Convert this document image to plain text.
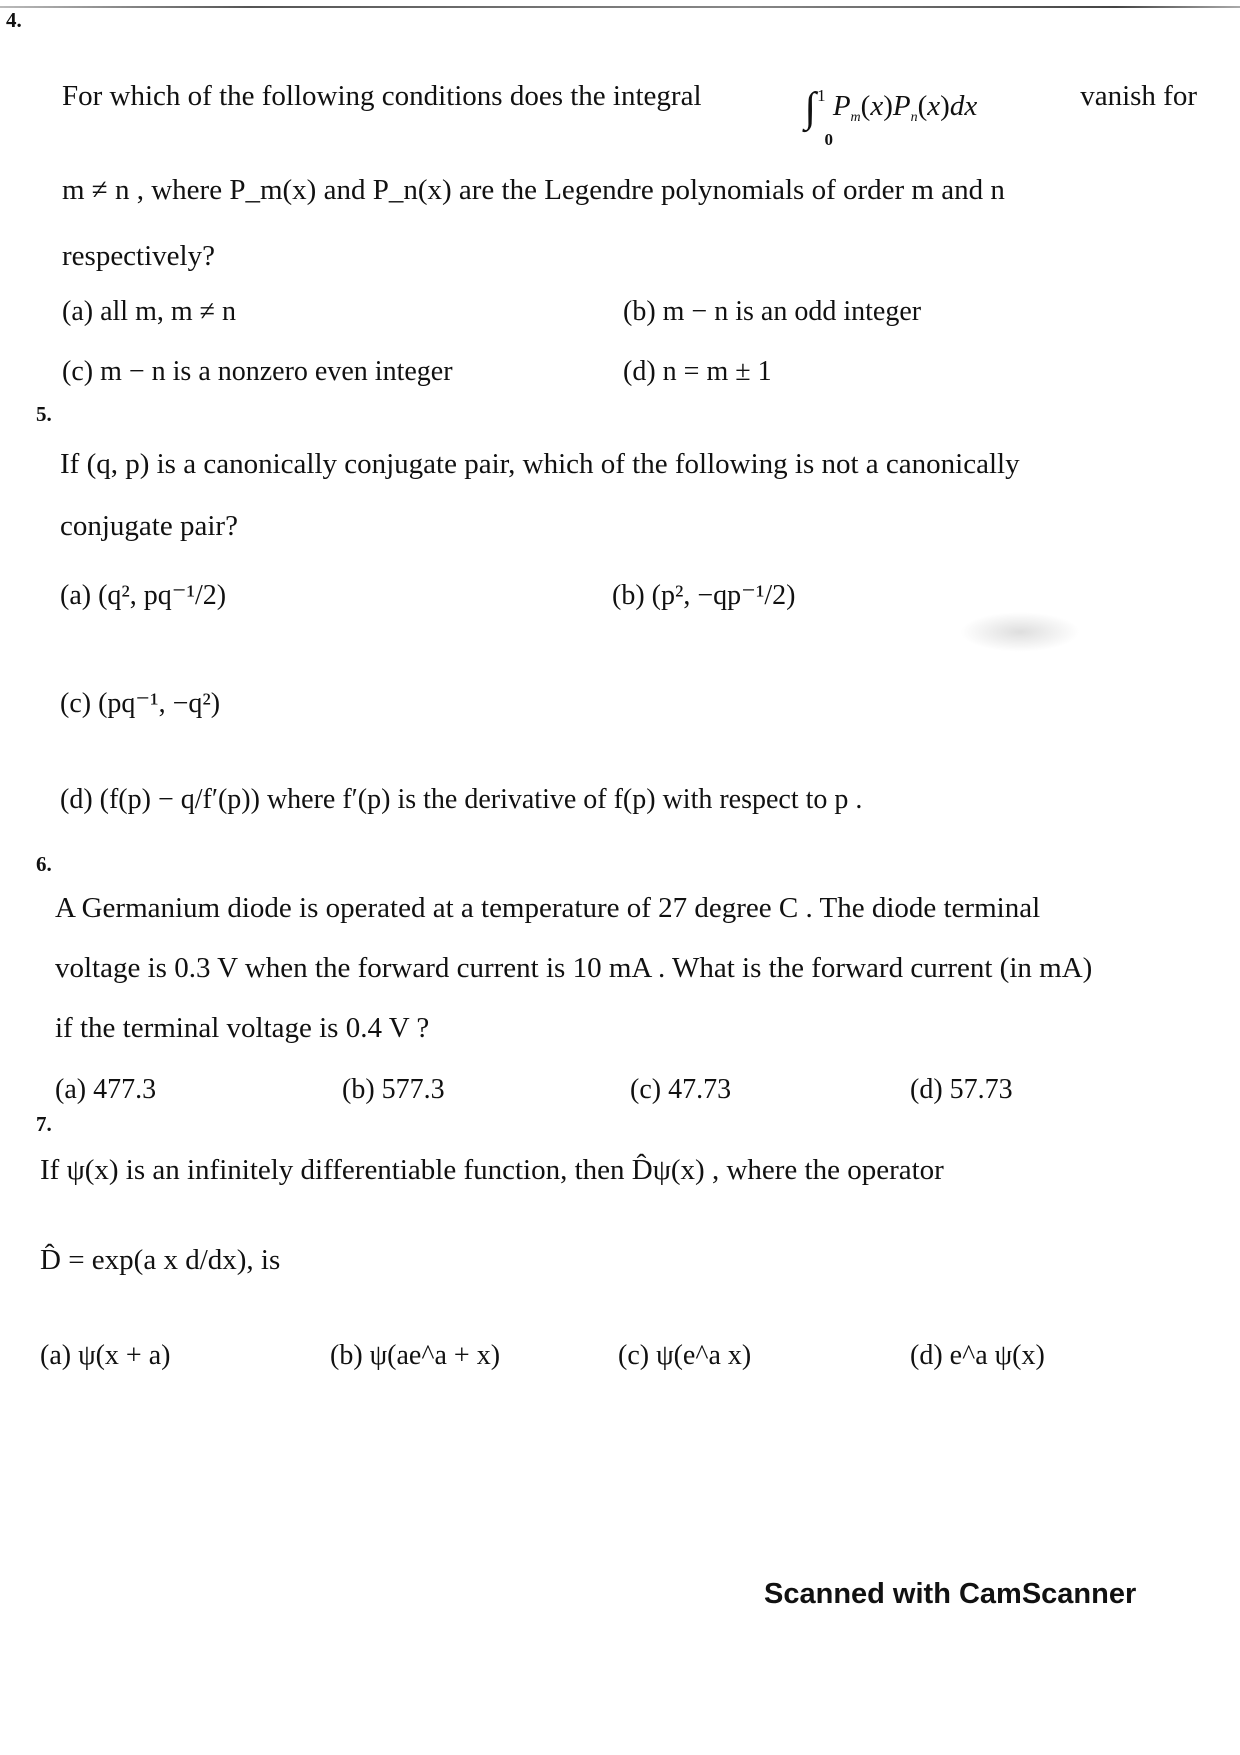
4.
For which of the following conditions does the integral ∫$^1$
0
$P_m(x)P_n(x)dx$	vanish for
m ≠ n , where P_m(x) and P_n(x) are the Legendre polynomials of order m and n
respectively?
(a) all m, m ≠ n	(b) m − n is an odd integer
(c) m − n is a nonzero even integer	(d) n = m ± 1
5.
If (q, p) is a canonically conjugate pair, which of the following is not a canonically
conjugate pair?
(a) (q², pq⁻¹/2)	(b) (p², −qp⁻¹/2)
(c) (pq⁻¹, −q²)
(d) (f(p) − q/f′(p)) where f′(p) is the derivative of f(p) with respect to p .
6.
A Germanium diode is operated at a temperature of 27 degree C . The diode terminal
voltage is 0.3 V when the forward current is 10 mA . What is the forward current (in mA)
if the terminal voltage is 0.4 V ?
(a) 477.3	(b) 577.3	(c) 47.73	(d) 57.73
7.
If ψ(x) is an infinitely differentiable function, then D̂ψ(x) , where the operator
D̂ = exp(a x d/dx), is
(a) ψ(x + a)	(b) ψ(ae^a + x)	(c) ψ(e^a x)	(d) e^a ψ(x)
Scanned with CamScanner
